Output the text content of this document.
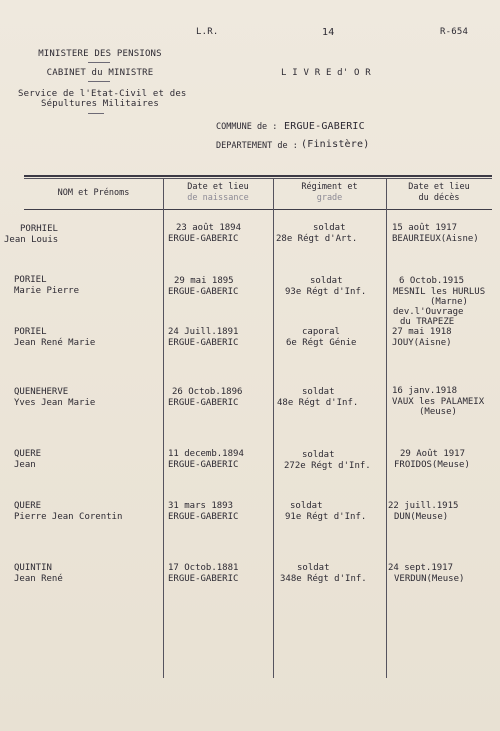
L.R.	14	R-654
MINISTERE DES PENSIONS
CABINET du MINISTRE
Service de l'Etat-Civil et des
Sépultures Militaires
L I V R E d' O R
COMMUNE de : ERGUE-GABERIC
DEPARTEMENT de : (Finistère)
NOM et Prénoms
Date et lieu
de naissance
Régiment et
grade
Date et lieu
du décès
PORHIEL
Jean Louis
23 août 1894
ERGUE-GABERIC
soldat
28e Régt d'Art.
15 août 1917
BEAURIEUX(Aisne)
PORIEL
Marie Pierre
29 mai 1895
ERGUE-GABERIC
soldat
93e Régt d'Inf.
6 Octob.1915
MESNIL les HURLUS
(Marne)
dev.l'Ouvrage
du TRAPEZE
PORIEL
Jean René Marie
24 Juill.1891
ERGUE-GABERIC
caporal
6e Régt Génie
27 mai 1918
JOUY(Aisne)
QUENEHERVE
Yves Jean Marie
26 Octob.1896
ERGUE-GABERIC
soldat
48e Régt d'Inf.
16 janv.1918
VAUX les PALAMEIX
(Meuse)
QUERE
Jean
11 decemb.1894
ERGUE-GABERIC
soldat
272e Régt d'Inf.
29 Août 1917
FROIDOS(Meuse)
QUERE
Pierre Jean Corentin
31 mars 1893
ERGUE-GABERIC
soldat
91e Régt d'Inf.
22 juill.1915
DUN(Meuse)
QUINTIN
Jean René
17 Octob.1881
ERGUE-GABERIC
soldat
348e Régt d'Inf.
24 sept.1917
VERDUN(Meuse)
